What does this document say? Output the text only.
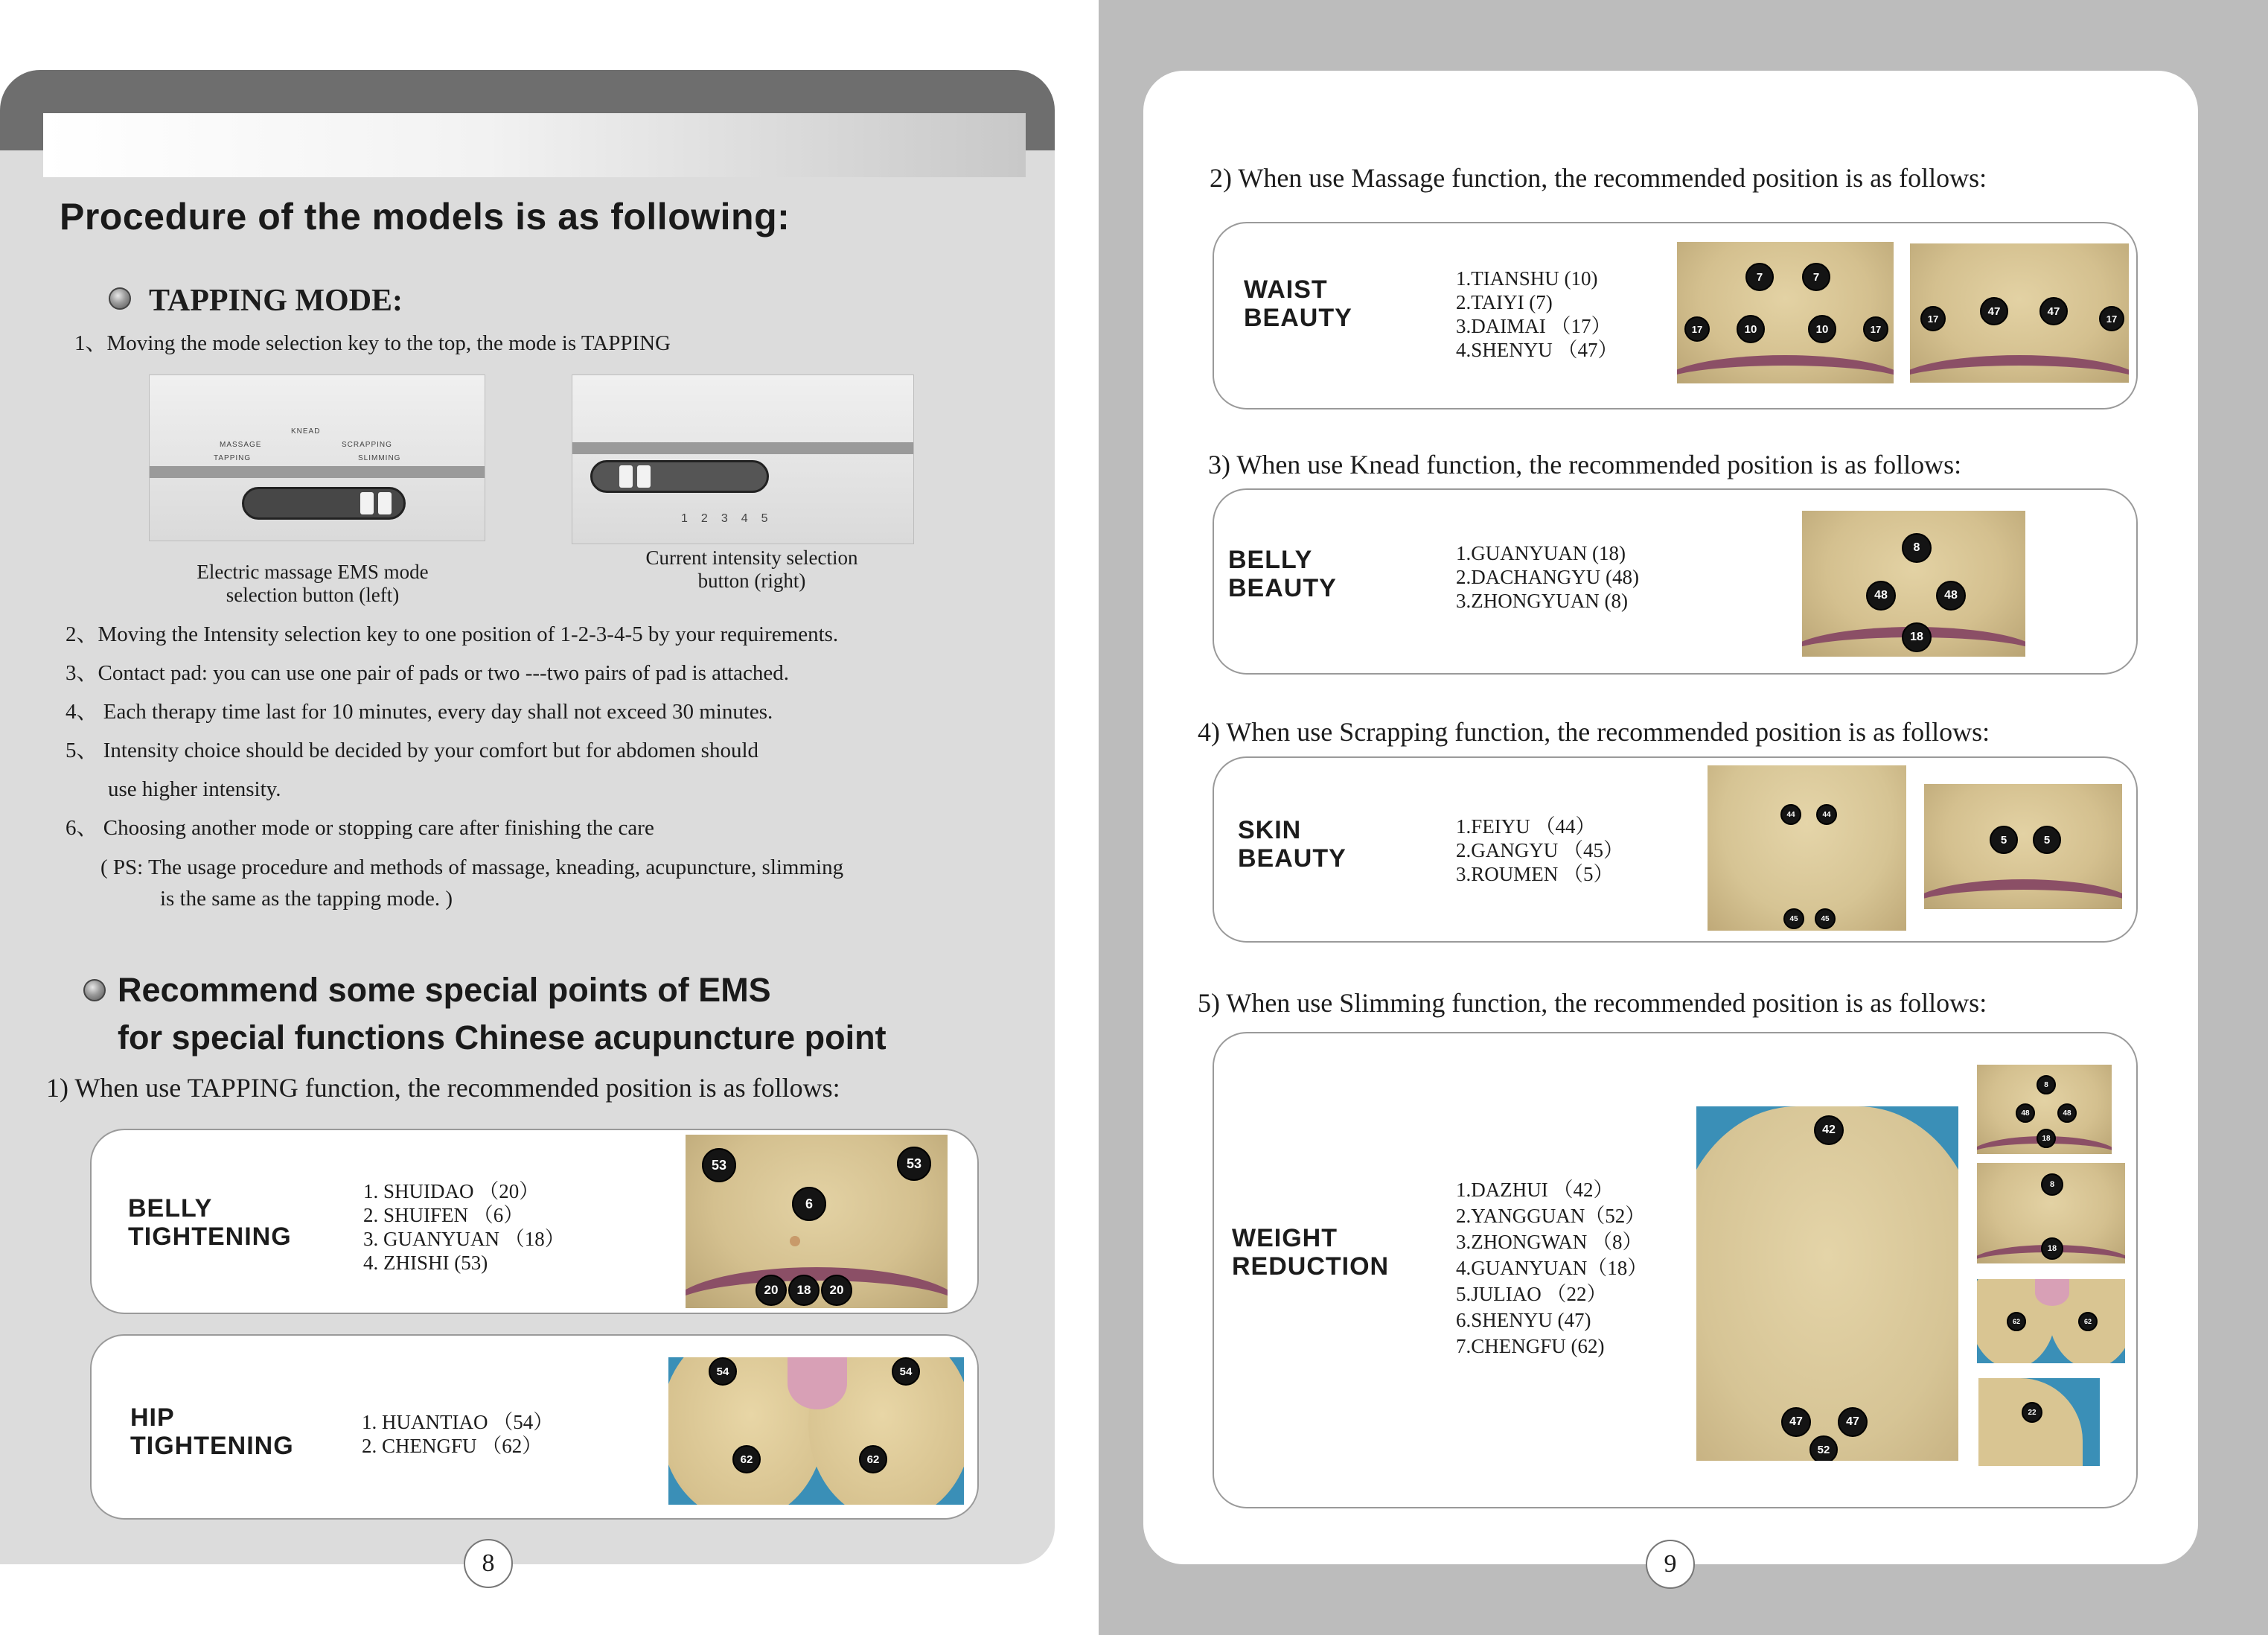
Procedure of the models is as following:
TAPPING MODE:
1、Moving the mode selection key to the top, the mode is TAPPING
KNEAD
MASSAGE	SCRAPPING
TAPPING	SLIMMING
12345
Electric massage EMS mode
selection button (left)
Current intensity selection
button (right)
2、Moving the Intensity selection key to one position of 1-2-3-4-5 by your requirements.
3、Contact pad: you can use one pair of pads or two ---two pairs of pad is attached.
4、 Each therapy time last for 10 minutes, every day shall not exceed 30 minutes.
5、 Intensity choice should be decided by your comfort but for abdomen should
use higher intensity.
6、 Choosing another mode or stopping care after finishing the care
( PS: The usage procedure and methods of massage, kneading, acupuncture, slimming
is the same as the tapping mode. )
Recommend some special points of EMS
for special functions Chinese acupuncture point
1) When use TAPPING function, the recommended position is as follows:
BELLY
TIGHTENING
1. SHUIDAO （20）
2. SHUIFEN （6）
3. GUANYUAN （18）
4. ZHISHI (53)
53	53
6
20	18	20
HIP
TIGHTENING
1. HUANTIAO （54）
2. CHENGFU （62）
54	54
62	62
8
2) When use Massage function, the recommended position is as follows:
WAIST
BEAUTY
1.TIANSHU (10)
2.TAIYI (7)
3.DAIMAI （17）
4.SHENYU （47）
7	7
17	10	10	17
17
47	47
17
3) When use Knead function, the recommended position is as follows:
BELLY
BEAUTY
1.GUANYUAN (18)
2.DACHANGYU (48)
3.ZHONGYUAN (8)
8
48	48
18
4) When use Scrapping function, the recommended position is as follows:
SKIN
BEAUTY
1.FEIYU （44）
2.GANGYU （45）
3.ROUMEN （5）
44	44
45	45
5	5
5) When use Slimming function, the recommended position is as follows:
WEIGHT
REDUCTION
1.DAZHUI （42）
2.YANGGUAN（52）
3.ZHONGWAN （8）
4.GUANYUAN（18）
5.JULIAO （22）
6.SHENYU (47)
7.CHENGFU (62)
42
47	47
52
8
48	48
18
8
18
62	62
22
9
